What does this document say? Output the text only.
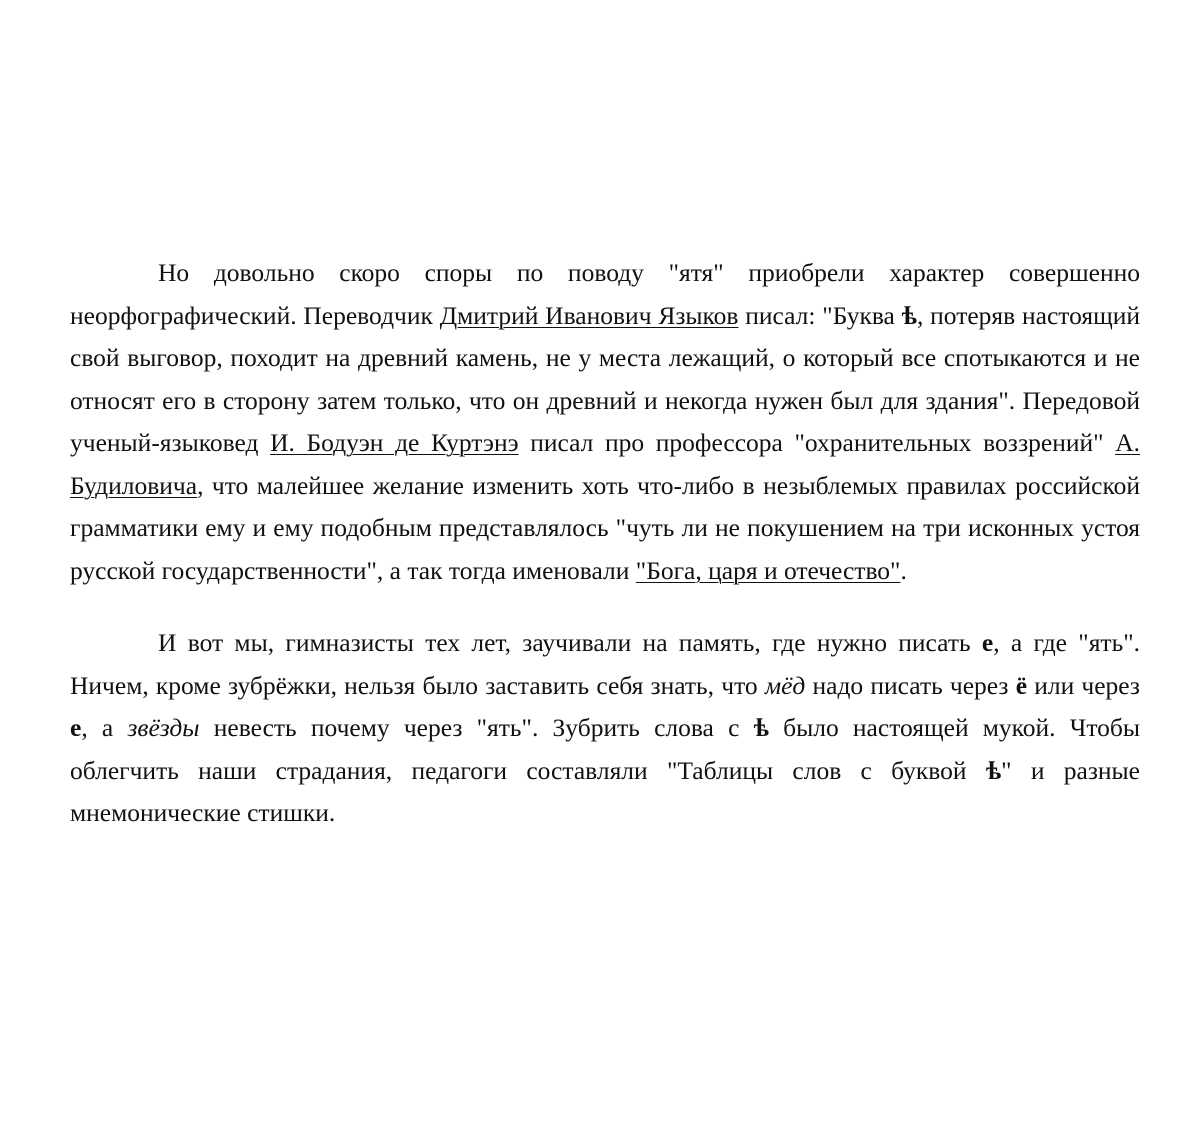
Но довольно скоро споры по поводу "ятя" приобрели характер совершенно неорфографический. Переводчик Дмитрий Иванович Языков писал: "Буква ѣ, потеряв настоящий свой выговор, походит на древний камень, не у места лежащий, о который все спотыкаются и не относят его в сторону затем только, что он древний и некогда нужен был для здания". Передовой ученый-языковед И. Бодуэн де Куртэнэ писал про профессора "охранительных воззрений" А. Будиловича, что малейшее желание изменить хоть что-либо в незыблемых правилах российской грамматики ему и ему подобным представлялось "чуть ли не покушением на три исконных устоя русской государственности", а так тогда именовали "Бога, царя и отечество".

И вот мы, гимназисты тех лет, заучивали на память, где нужно писать е, а где "ять". Ничем, кроме зубрёжки, нельзя было заставить себя знать, что мёд надо писать через ё или через е, а звёзды невесть почему через "ять". Зубрить слова с ѣ было настоящей мукой. Чтобы облегчить наши страдания, педагоги составляли "Таблицы слов с буквой ѣ" и разные мнемонические стишки.
